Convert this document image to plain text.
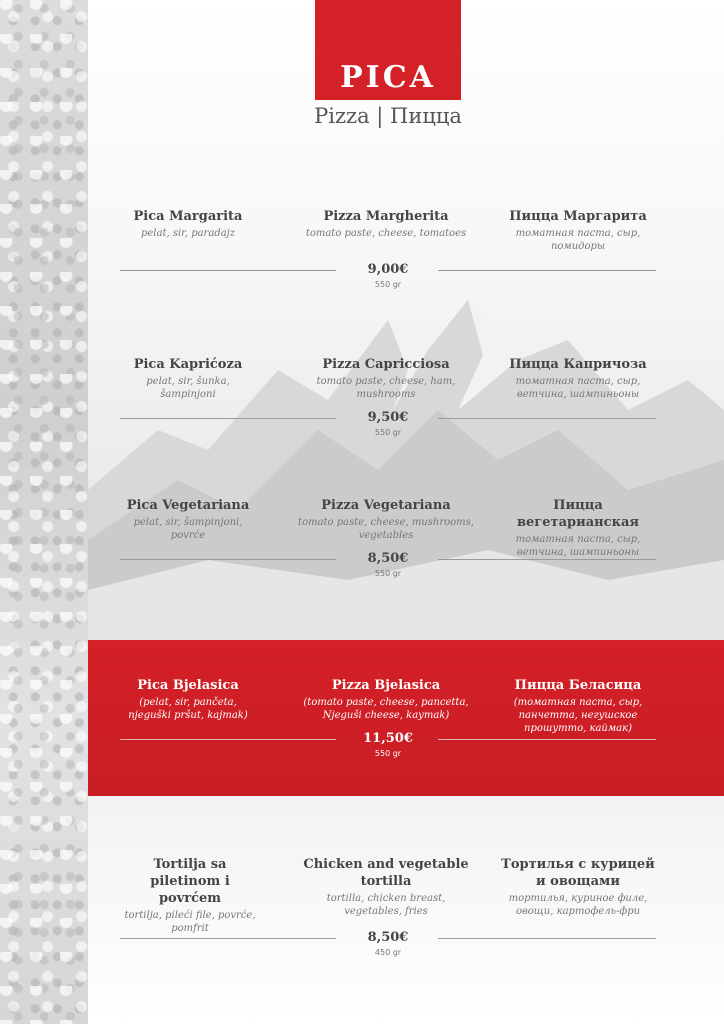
PICA
Pizza | Пицца
Pica Margarita
pelat, sir, paradajz
Pizza Margherita
tomato paste, cheese, tomatoes
Пицца Маргарита
томатная паста, сыр, помидоры
9,00€
550 gr
Pica Kaprićoza
pelat, sir, šunka, šampinjoni
Pizza Capricciosa
tomato paste, cheese, ham, mushrooms
Пицца Капричоза
томатная паста, сыр, ветчина, шампиньоны
9,50€
550 gr
Pica Vegetariana
pelat, sir, šampinjoni, povrće
Pizza Vegetariana
tomato paste, cheese, mushrooms, vegetables
Пицца вегетарианская
томатная паста, сыр, ветчина, шампиньоны
8,50€
550 gr
Pica Bjelasica
(pelat, sir, pančeta, njeguški pršut, kajmak)
Pizza Bjelasica
(tomato paste, cheese, pancetta, Njeguši cheese, kaymak)
Пицца Беласица
(томатная паста, сыр, панчетта, негушское прошутто, каймак)
11,50€
550 gr
Tortilja sa piletinom i povrćem
tortilja, pileći file, povrće, pomfrit
Chicken and vegetable tortilla
tortilla, chicken breast, vegetables, fries
Тортилья с курицей и овощами
тортилья, куриное филе, овощи, картофель-фри
8,50€
450 gr
